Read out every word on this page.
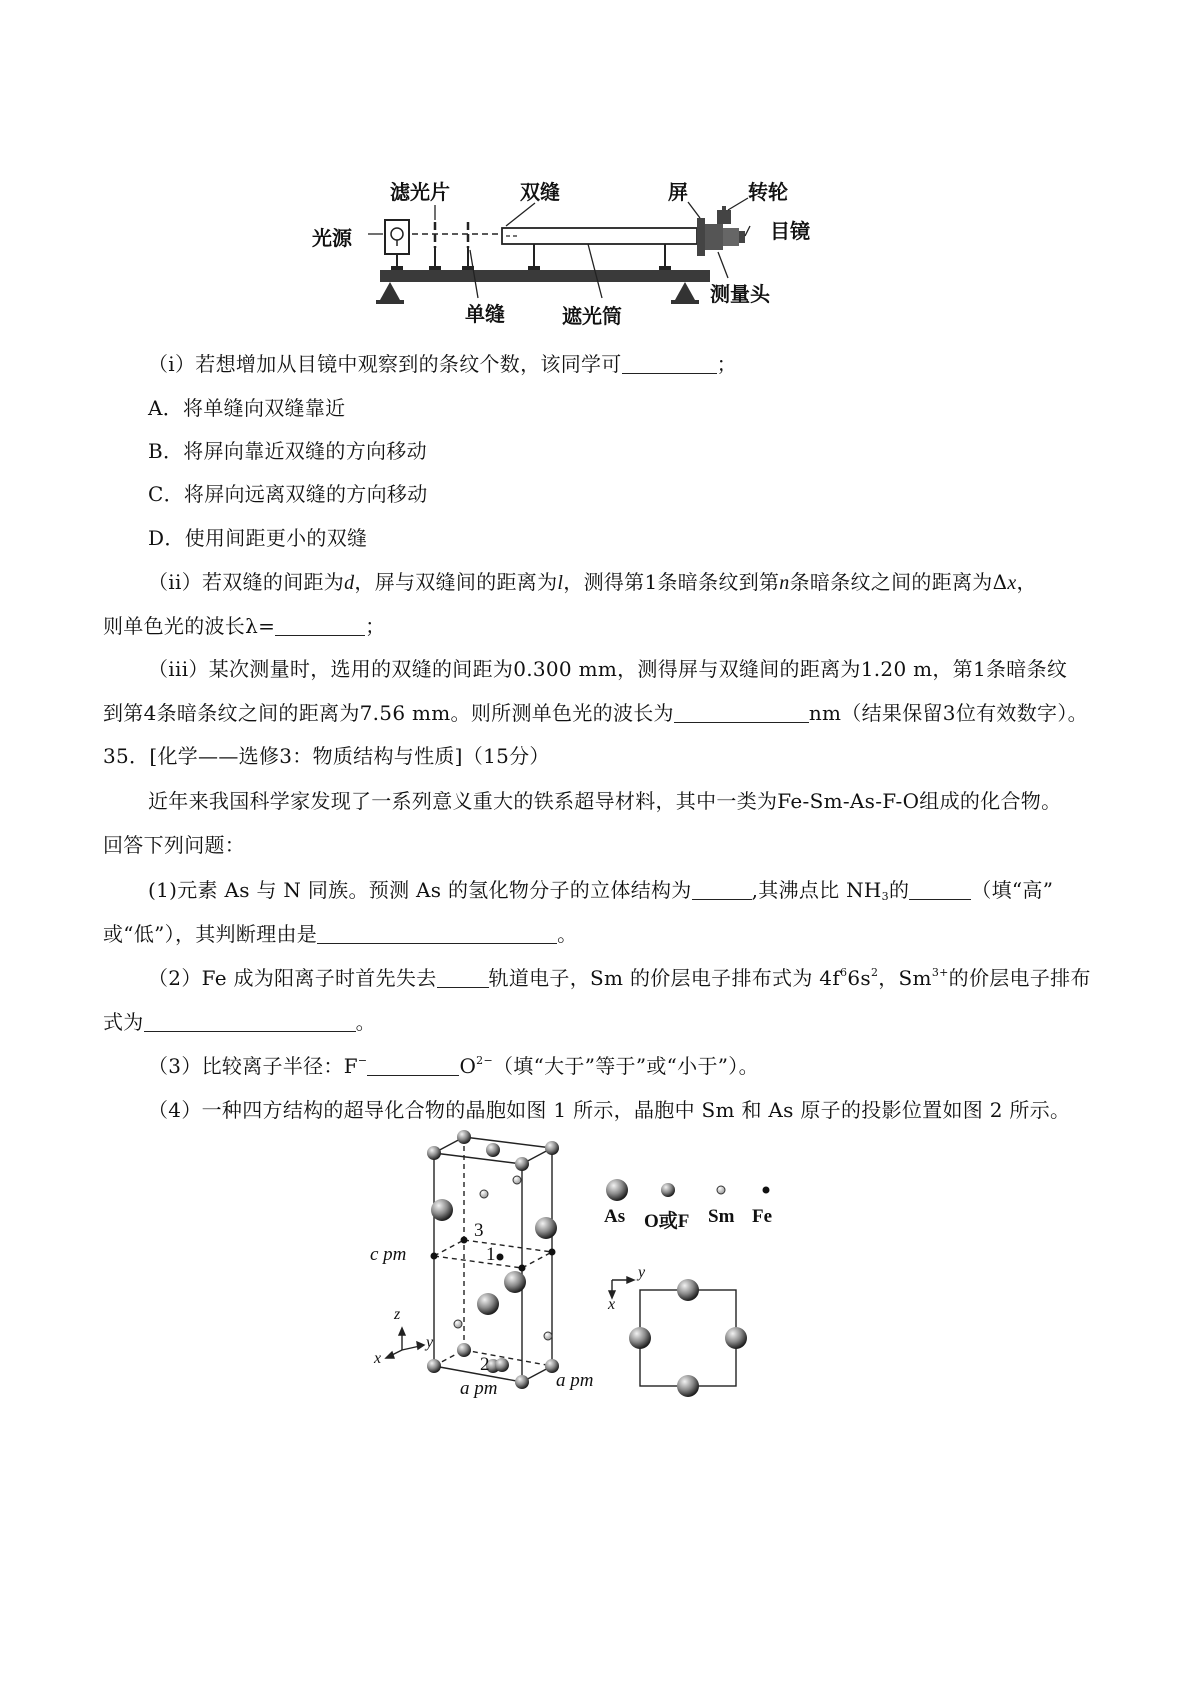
滤光片	双缝	屏	转轮
光源	目镜
单缝	遮光筒
测量头
（i）若想增加从目镜中观察到的条纹个数，该同学可	；
A．将单缝向双缝靠近
B．将屏向靠近双缝的方向移动
C．将屏向远离双缝的方向移动
D．使用间距更小的双缝
（ii）若双缝的间距为d，屏与双缝间的距离为l，测得第1条暗条纹到第n条暗条纹之间的距离为Δx，
则单色光的波长λ=	；
（iii）某次测量时，选用的双缝的间距为0.300 mm，测得屏与双缝间的距离为1.20 m，第1条暗条纹
到第4条暗条纹之间的距离为7.56 mm。则所测单色光的波长为	nm（结果保留3位有效数字）。
35．[化学——选修3：物质结构与性质]（15分）
近年来我国科学家发现了一系列意义重大的铁系超导材料，其中一类为Fe-Sm-As-F-O组成的化合物。
回答下列问题：
(1)元素 As 与 N 同族。预测 As 的氢化物分子的立体结构为	,其沸点比 $NH_3$的	（填“高”
或“低”），其判断理由是	。
（2）Fe 成为阳离子时首先失去	轨道电子，Sm 的价层电子排布式为 $4f^66s^2$，$Sm^{3+}$的价层电子排布
式为	。
（3）比较离子半径：F−	$O^{2-}$（填“大于”等于”或“小于”）。
（4）一种四方结构的超导化合物的晶胞如图 1 所示，晶胞中 Sm 和 As 原子的投影位置如图 2 所示。
As O或F Sm Fe
c pm
a pm	a pm
z
y
x
1
2
3
y
x
